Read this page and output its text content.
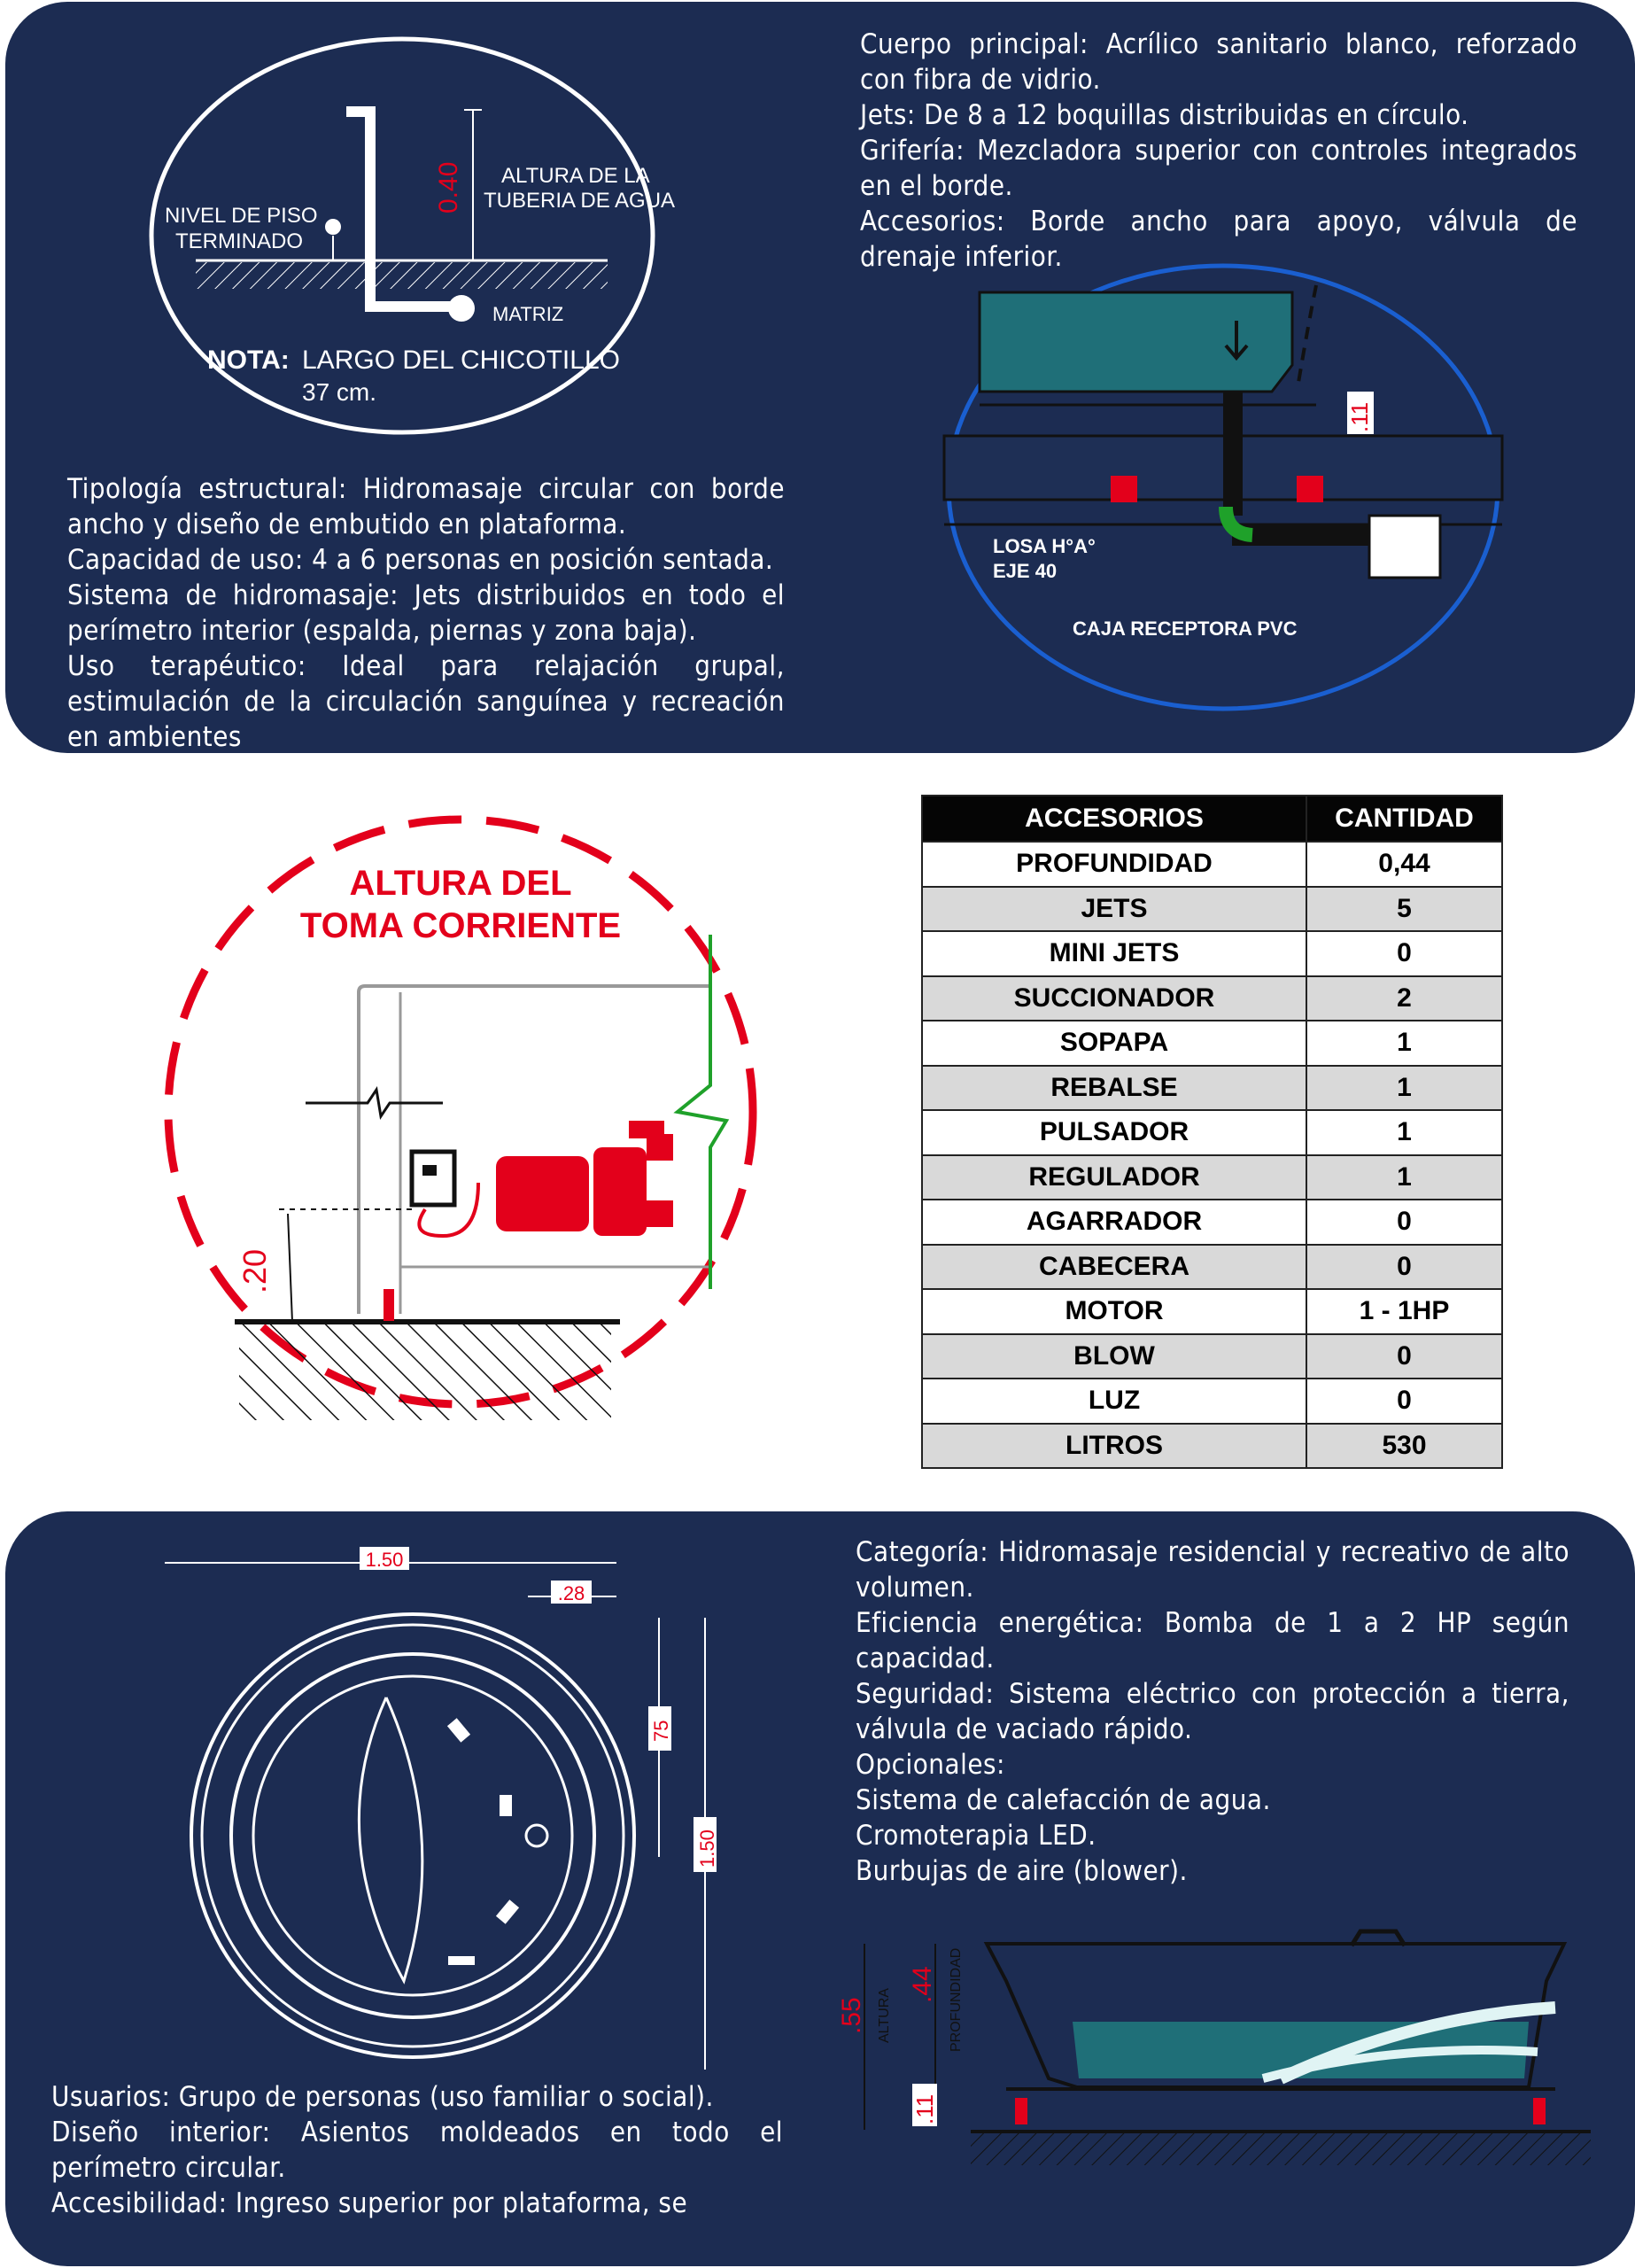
0.40 ALTURA DE LA
TUBERIA DE AGUA
NIVEL DE PISO
TERMINADO
MATRIZ
NOTA: LARGO DEL CHICOTILLO
37 cm.
Cuerpo principal: Acrílico sanitario blanco, reforzado con fibra de vidrio.
Jets: De 8 a 12 boquillas distribuidas en círculo.
Grifería: Mezcladora superior con controles integrados en el borde.
Accesorios: Borde ancho para apoyo, válvula de drenaje inferior.
Tipología estructural: Hidromasaje circular con borde ancho y diseño de embutido en plataforma.
Capacidad de uso: 4 a 6 personas en posición sentada.
Sistema de hidromasaje: Jets distribuidos en todo el perímetro interior (espalda, piernas y zona baja).
Uso terapéutico: Ideal para relajación grupal, estimulación de la circulación sanguínea y recreación en ambientes
.11
LOSA H°A°
EJE 40
CAJA RECEPTORA PVC
ALTURA DEL
TOMA CORRIENTE
.20
ACCESORIOS	CANTIDAD
PROFUNDIDAD	0,44
JETS	5
MINI JETS	0
SUCCIONADOR	2
SOPAPA	1
REBALSE	1
PULSADOR	1
REGULADOR	1
AGARRADOR	0
CABECERA	0
MOTOR	1 - 1HP
BLOW	0
LUZ	0
LITROS	530
1.50
.28
75
1.50
Usuarios: Grupo de personas (uso familiar o social).
Diseño interior: Asientos moldeados en todo el perímetro circular.
Accesibilidad: Ingreso superior por plataforma, se
Categoría: Hidromasaje residencial y recreativo de alto volumen.
Eficiencia energética: Bomba de 1 a 2 HP según capacidad.
Seguridad: Sistema eléctrico con protección a tierra, válvula de vaciado rápido.
Opcionales:
Sistema de calefacción de agua.
Cromoterapia LED.
Burbujas de aire (blower).
.55 ALTURA
.44 PROFUNDIDAD
.11
